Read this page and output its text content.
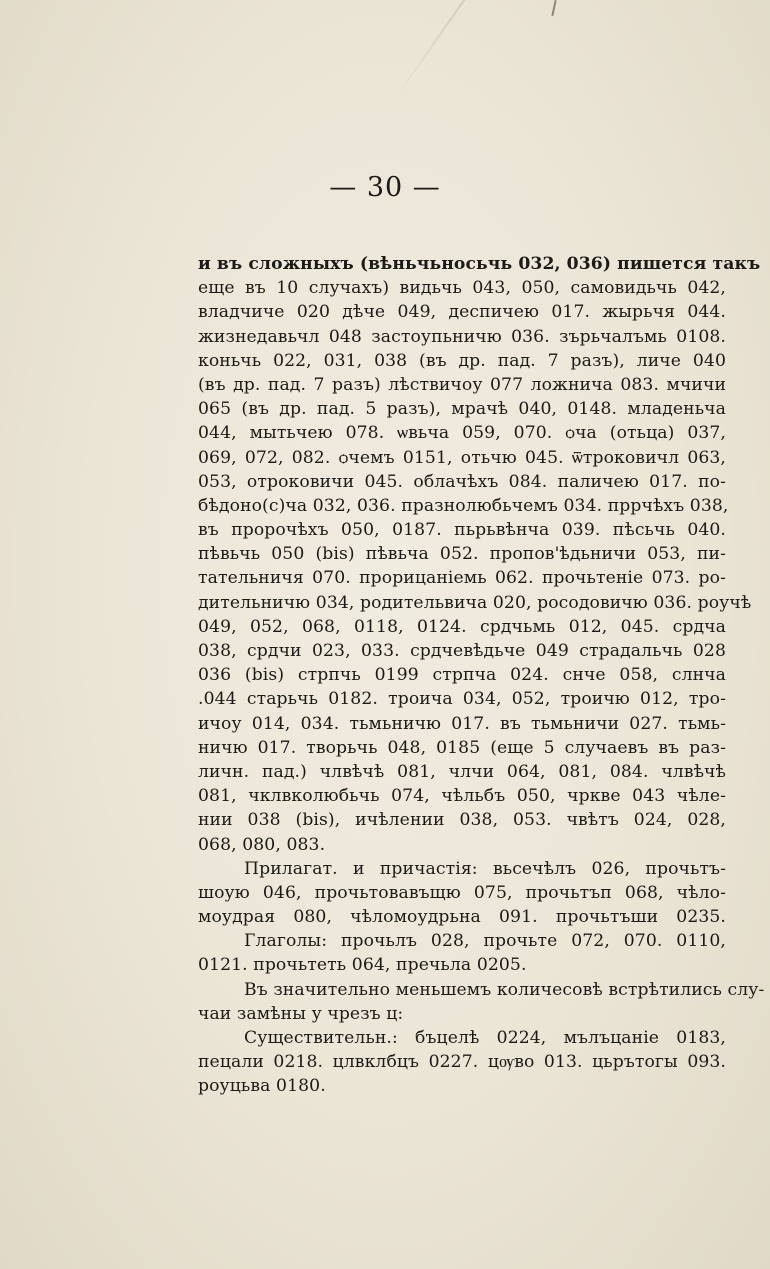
— 30 —
и въ сложныхъ (вѣньчьносьчь 032, 036) пишется такъ
еще въ 10 случахъ) видьчь 043, 050, самовидьчь 042,
владчиче 020 дѣче 049, деспичею 017. жырьчя 044.
жизнедавьчл 048 застоупьничю 036. зърьчалъмь 0108.
коньчь 022, 031, 038 (въ др. пад. 7 разъ), личе 040
(въ др. пад. 7 разъ) лѣствичоу 077 ложнича 083. мчичи
065 (въ др. пад. 5 разъ), мрачѣ 040, 0148. младеньча
044, мытьчею 078. ѡвьча 059, 070. ѻча (отьца) 037,
069, 072, 082. ѻчемъ 0151, отьчю 045. ѿтроковичл 063,
053, отроковичи 045. облачѣхъ 084. паличею 017. по-
бѣдоно(с)ча 032, 036. празнолюбьчемъ 034. пррчѣхъ 038,
въ пророчѣхъ 050, 0187. пьрьвѣнча 039. пѣсьчь 040.
пѣвьчь 050 (bis) пѣвьча 052. пропов'ѣдьничи 053, пи-
тательничя 070. прорицаніемь 062. прочьтеніе 073. ро-
дительничю 034, родительвича 020, росодовичю 036. роучѣ
049, 052, 068, 0118, 0124. срдчьмь 012, 045. срдча
038, срдчи 023, 033. срдчевѣдьче 049 страдальчь 028
036 (bis) стрпчь 0199 стрпча 024. снче 058, слнча
.044 старьчь 0182. троича 034, 052, троичю 012, тро-
ичоу 014, 034. тьмьничю 017. въ тьмьничи 027. тьмь-
ничю 017. творьчь 048, 0185 (еще 5 случаевъ въ раз-
личн. пад.) члвѣчѣ 081, члчи 064, 081, 084. члвѣчѣ
081, чклвколюбьчь 074, чѣльбъ 050, чрквe 043 чѣле-
нии 038 (bis), ичѣлении 038, 053. чвѣтъ 024, 028,
068, 080, 083.
Прилагат. и причастія: вьсечѣлъ 026, прочьтъ-
шоую 046, прочьтовавъщю 075, прочьтъп 068, чѣло-
моудрая 080, чѣломоудрьна 091. прочьтъши 0235.
Глаголы: прочьлъ 028, прочьте 072, 070. 0110,
0121. прочьтеть 064, пречьла 0205.
Въ значительно меньшемъ количесовѣ встрѣтились слу-
чаи замѣны у чрезъ ц:
Существительн.: бъцелѣ 0224, мълъцаніе 0183,
пецали 0218. цлвклбцъ 0227. цѹво 013. цьрътогы 093.
роуцьва 0180.
